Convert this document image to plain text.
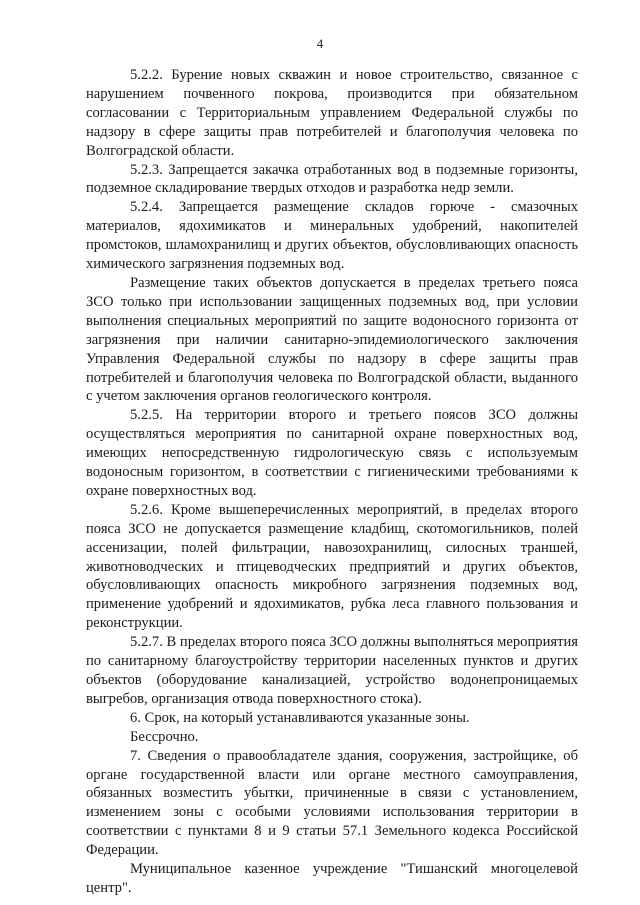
4

5.2.2. Бурение новых скважин и новое строительство, связанное с нарушением почвенного покрова, производится при обязательном согласовании с Территориальным управлением Федеральной службы по надзору в сфере защиты прав потребителей и благополучия человека по Волгоградской области.

5.2.3. Запрещается закачка отработанных вод в подземные горизонты, подземное складирование твердых отходов и разработка недр земли.

5.2.4. Запрещается размещение складов горюче - смазочных материалов, ядохимикатов и минеральных удобрений, накопителей промстоков, шламохранилищ и других объектов, обусловливающих опасность химического загрязнения подземных вод.

Размещение таких объектов допускается в пределах третьего пояса ЗСО только при использовании защищенных подземных вод, при условии выполнения специальных мероприятий по защите водоносного горизонта от загрязнения при наличии санитарно-эпидемиологического заключения Управления Федеральной службы по надзору в сфере защиты прав потребителей и благополучия человека по Волгоградской области, выданного с учетом заключения органов геологического контроля.

5.2.5. На территории второго и третьего поясов ЗСО должны осуществляться мероприятия по санитарной охране поверхностных вод, имеющих непосредственную гидрологическую связь с используемым водоносным горизонтом, в соответствии с гигиеническими требованиями к охране поверхностных вод.

5.2.6. Кроме вышеперечисленных мероприятий, в пределах второго пояса ЗСО не допускается размещение кладбищ, скотомогильников, полей ассенизации, полей фильтрации, навозохранилищ, силосных траншей, животноводческих и птицеводческих предприятий и других объектов, обусловливающих опасность микробного загрязнения подземных вод, применение удобрений и ядохимикатов, рубка леса главного пользования и реконструкции.

5.2.7. В пределах второго пояса ЗСО должны выполняться мероприятия по санитарному благоустройству территории населенных пунктов и других объектов (оборудование канализацией, устройство водонепроницаемых выгребов, организация отвода поверхностного стока).

6. Срок, на который устанавливаются указанные зоны.

Бессрочно.

7. Сведения о правообладателе здания, сооружения, застройщике, об органе государственной власти или органе местного самоуправления, обязанных возместить убытки, причиненные в связи с установлением, изменением зоны с особыми условиями использования территории в соответствии с пунктами 8 и 9 статьи 57.1 Земельного кодекса Российской Федерации.

Муниципальное казенное учреждение "Тишанский многоцелевой центр".
